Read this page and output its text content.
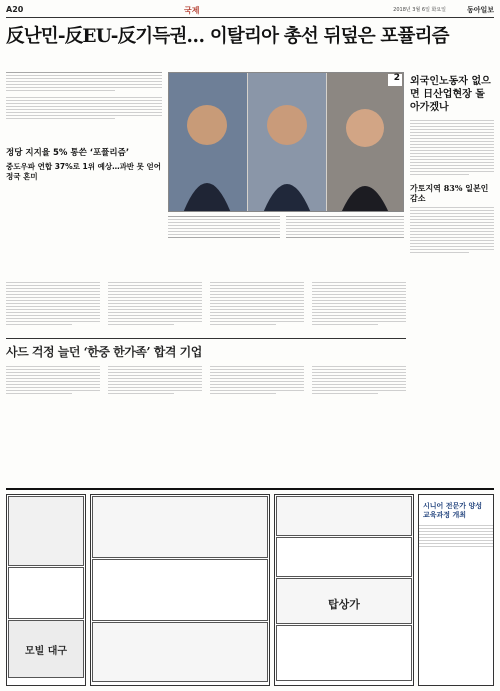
A20	국제	2018년 3월 6일 화요일	동아일보
反난민-反EU-反기득권… 이탈리아 총선 뒤덮은 포퓰리즘
2
정당 지지율 5% 통쓴 ‘포퓰리즘’
중도우파 연합 37%로 1위 예상…과반 못 얻어 정국 혼미
외국인노동자 없으면 日산업현장 돌아가겠나
가토지역 83% 일본인 감소
사드 걱정 늘던 ‘한중 한가족’ 합격 기업
모빌 대구
탑상가
시니어 전문가 양성 교육과정 개최
